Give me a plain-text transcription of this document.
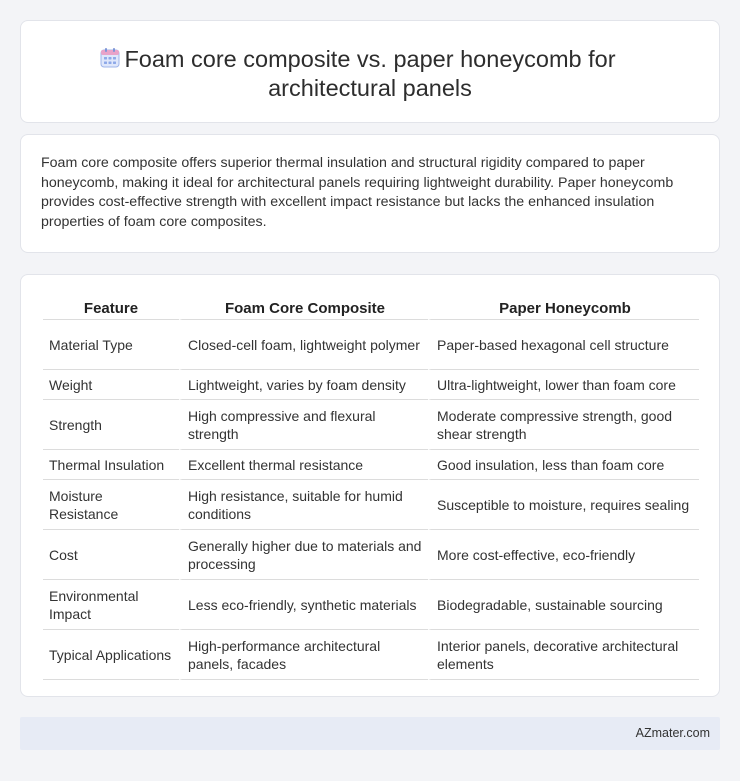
Foam core composite vs. paper honeycomb for
architectural panels

Foam core composite offers superior thermal insulation and structural rigidity compared to paper honeycomb, making it ideal for architectural panels requiring lightweight durability. Paper honeycomb provides cost-effective strength with excellent impact resistance but lacks the enhanced insulation properties of foam core composites.

Feature	Foam Core Composite	Paper Honeycomb
Material Type	Closed-cell foam, lightweight polymer	Paper-based hexagonal cell structure
Weight	Lightweight, varies by foam density	Ultra-lightweight, lower than foam core
Strength	High compressive and flexural strength	Moderate compressive strength, good shear strength
Thermal Insulation	Excellent thermal resistance	Good insulation, less than foam core
Moisture Resistance	High resistance, suitable for humid conditions	Susceptible to moisture, requires sealing
Cost	Generally higher due to materials and processing	More cost-effective, eco-friendly
Environmental Impact	Less eco-friendly, synthetic materials	Biodegradable, sustainable sourcing
Typical Applications	High-performance architectural panels, facades	Interior panels, decorative architectural elements
AZmater.com
